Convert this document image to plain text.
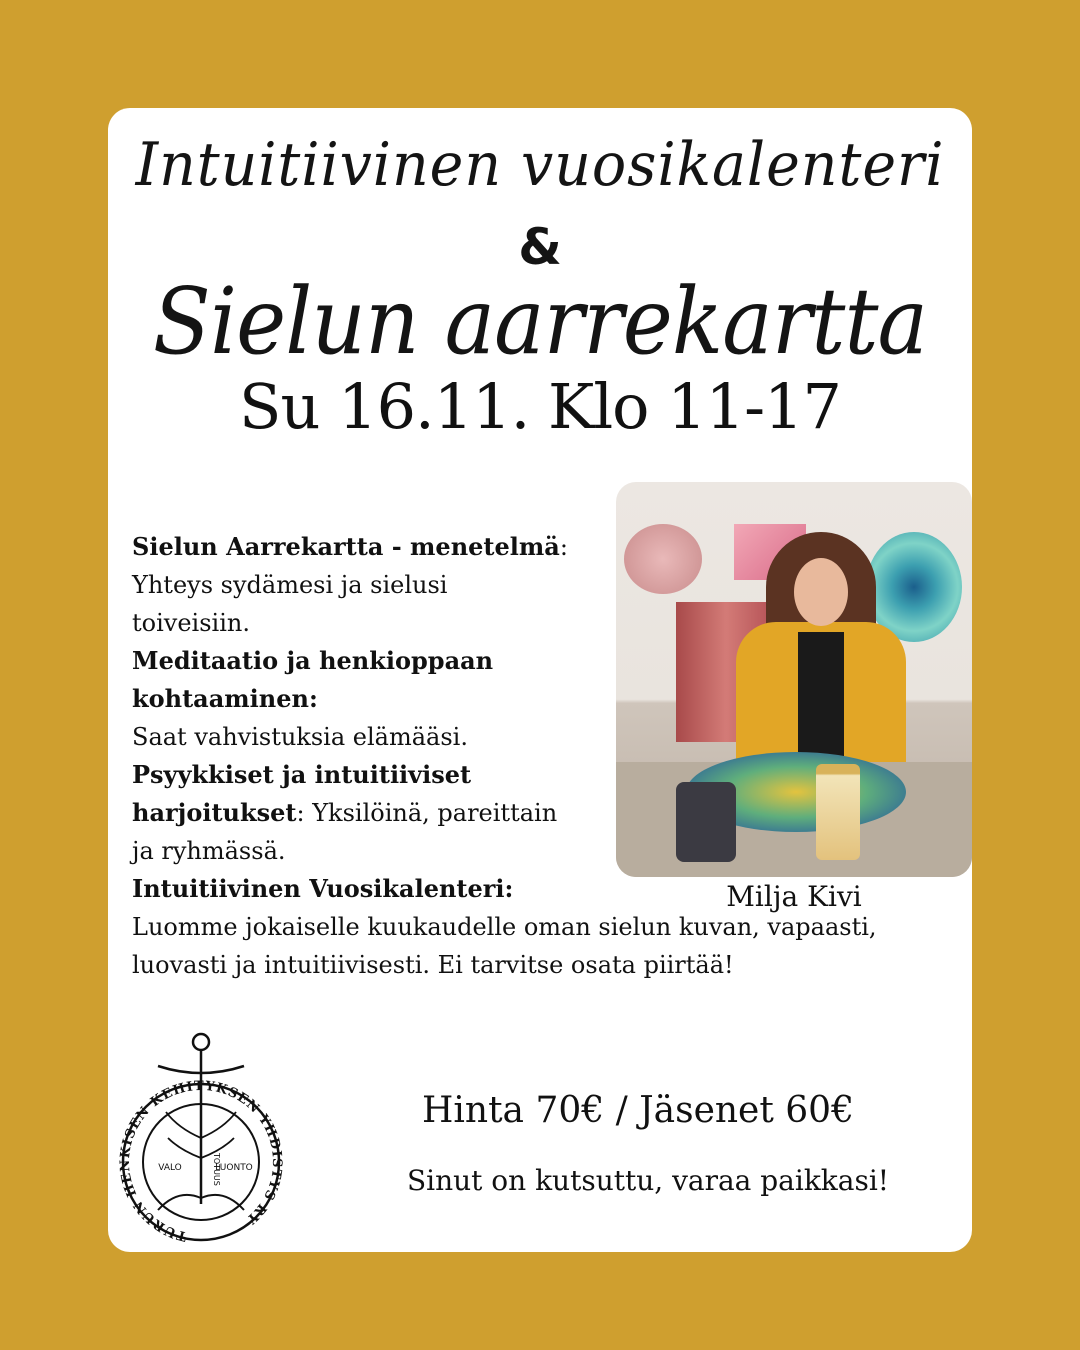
Intuitiivinen vuosikalenteri
&
Sielun aarrekartta
Su 16.11. Klo 11-17

Sielun Aarrekartta - menetelmä: Yhteys sydämesi ja sielusi toiveisiin.

Meditaatio ja henkioppaan kohtaaminen:
Saat vahvistuksia elämääsi.

Psyykkiset ja intuitiiviset harjoitukset: Yksilöinä, pareittain ja ryhmässä.

Intuitiivinen Vuosikalenteri:
Luomme jokaiselle kuukaudelle oman sielun kuvan, vapaasti, luovasti ja intuitiivisesti. Ei tarvitse osata piirtää!

Milja Kivi
TURUN HENKISEN KEHITYKSEN YHDISTYS RY
VALO	LUONTO
TOTUUS
Hinta 70€ / Jäsenet 60€
Sinut on kutsuttu, varaa paikkasi!
